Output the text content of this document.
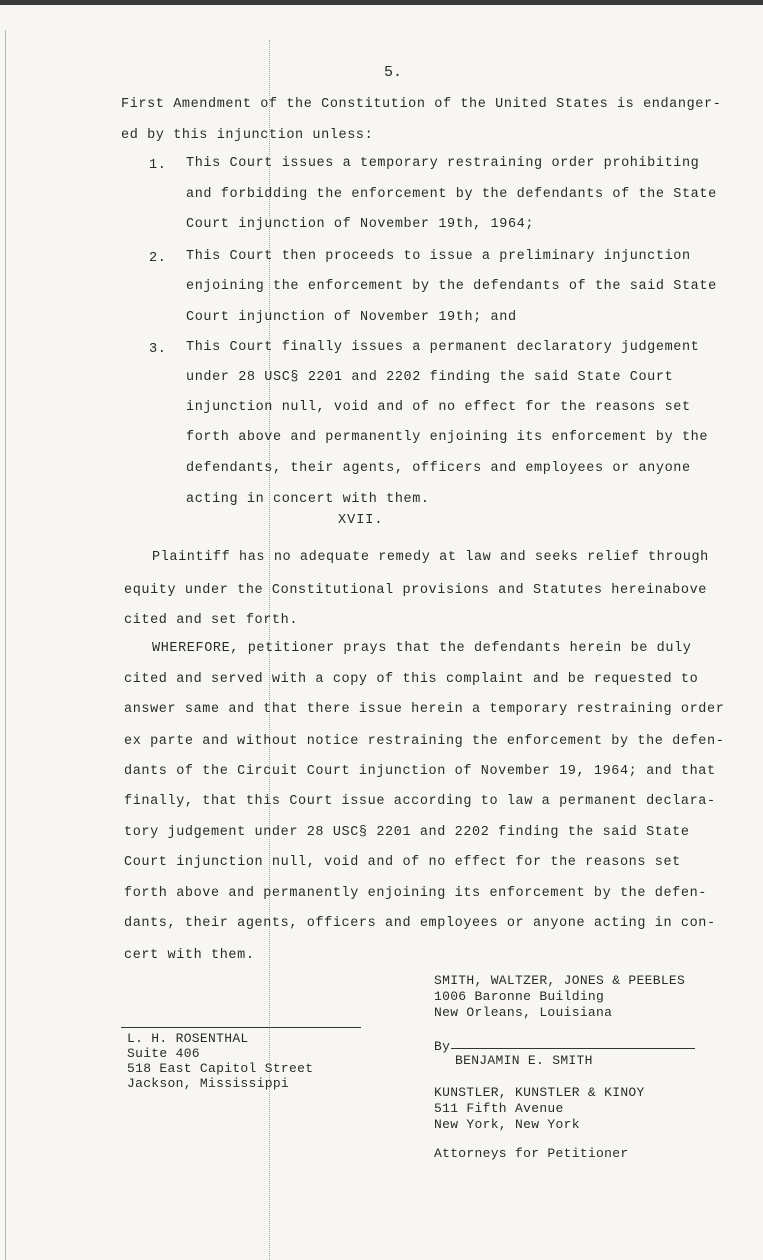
5.
First Amendment of the Constitution of the United States is endanger-
ed by this injunction unless:
1. This Court issues a temporary restraining order prohibiting
and forbidding the enforcement by the defendants of the State
Court injunction of November 19th, 1964;
2. This Court then proceeds to issue a preliminary injunction
enjoining the enforcement by the defendants of the said State
Court injunction of November 19th; and
3. This Court finally issues a permanent declaratory judgement
under 28 USC§ 2201 and 2202 finding the said State Court
injunction null, void and of no effect for the reasons set
forth above and permanently enjoining its enforcement by the
defendants, their agents, officers and employees or anyone
acting in concert with them.
XVII.
Plaintiff has no adequate remedy at law and seeks relief through
equity under the Constitutional provisions and Statutes hereinabove
cited and set forth.
WHEREFORE, petitioner prays that the defendants herein be duly
cited and served with a copy of this complaint and be requested to
answer same and that there issue herein a temporary restraining order
ex parte and without notice restraining the enforcement by the defen-
dants of the Circuit Court injunction of November 19, 1964; and that
finally, that this Court issue according to law a permanent declara-
tory judgement under 28 USC§ 2201 and 2202 finding the said State
Court injunction null, void and of no effect for the reasons set
forth above and permanently enjoining its enforcement by the defen-
dants, their agents, officers and employees or anyone acting in con-
cert with them.
SMITH, WALTZER, JONES & PEEBLES
1006 Baronne Building
New Orleans, Louisiana
By
BENJAMIN E. SMITH
KUNSTLER, KUNSTLER & KINOY
511 Fifth Avenue
New York, New York
Attorneys for Petitioner
L. H. ROSENTHAL
Suite 406
518 East Capitol Street
Jackson, Mississippi
